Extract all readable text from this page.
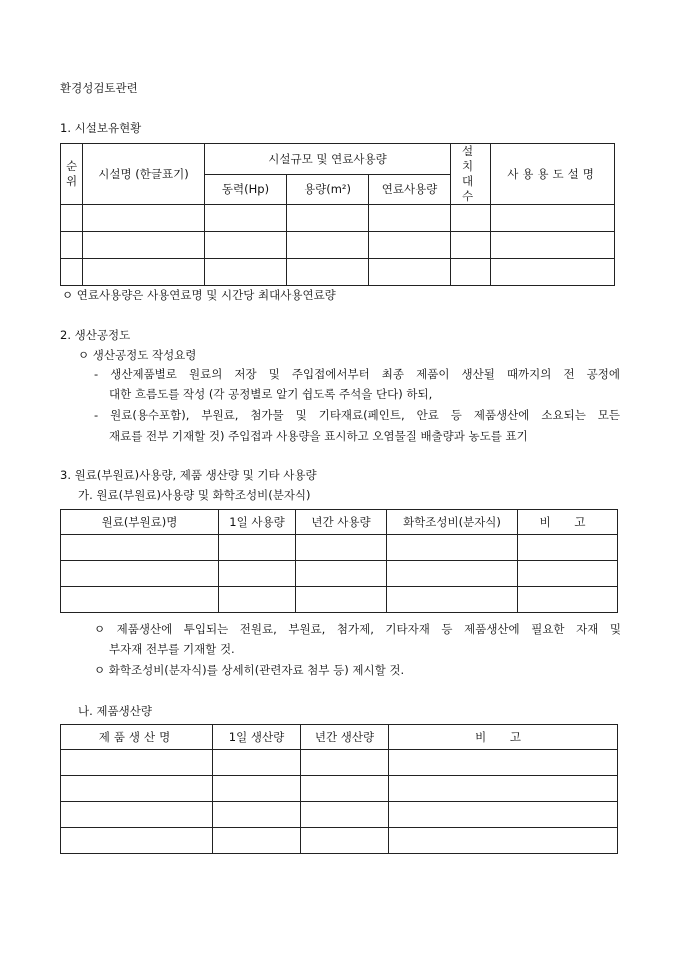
환경성검토관련
1. 시설보유현황
순위	시설명 (한글표기)	시설규모 및 연료사용량			설치대수	사용용도설명
		동력(Hp)	용량(m²)	연료사용량		

ㅇ 연료사용량은 사용연료명 및 시간당 최대사용연료량
2. 생산공정도
ㅇ 생산공정도 작성요령
- 생산제품별로 원료의 저장 및 주입접에서부터 최종 제품이 생산될 때까지의 전 공정에
대한 흐름도를 작성 (각 공정별로 알기 쉽도록 주석을 단다) 하되,
- 원료(용수포함), 부원료, 첨가물 및 기타재료(페인트, 안료 등 제품생산에 소요되는 모든
재료를 전부 기재할 것) 주입접과 사용량을 표시하고 오염물질 배출량과 농도를 표기
3. 원료(부원료)사용량, 제품 생산량 및 기타 사용량
가. 원료(부원료)사용량 및 화학조성비(분자식)
원료(부원료)명	1일 사용량	년간 사용량	화학조성비(분자식)	비 고

ㅇ 제품생산에 투입되는 전원료, 부원료, 첨가제, 기타자재 등 제품생산에 필요한 자재 및
부자재 전부를 기재할 것.
ㅇ 화학조성비(분자식)를 상세히(관련자료 첨부 등) 제시할 것.
나. 제품생산량
제품생산명	1일 생산량	년간 생산량	비 고
